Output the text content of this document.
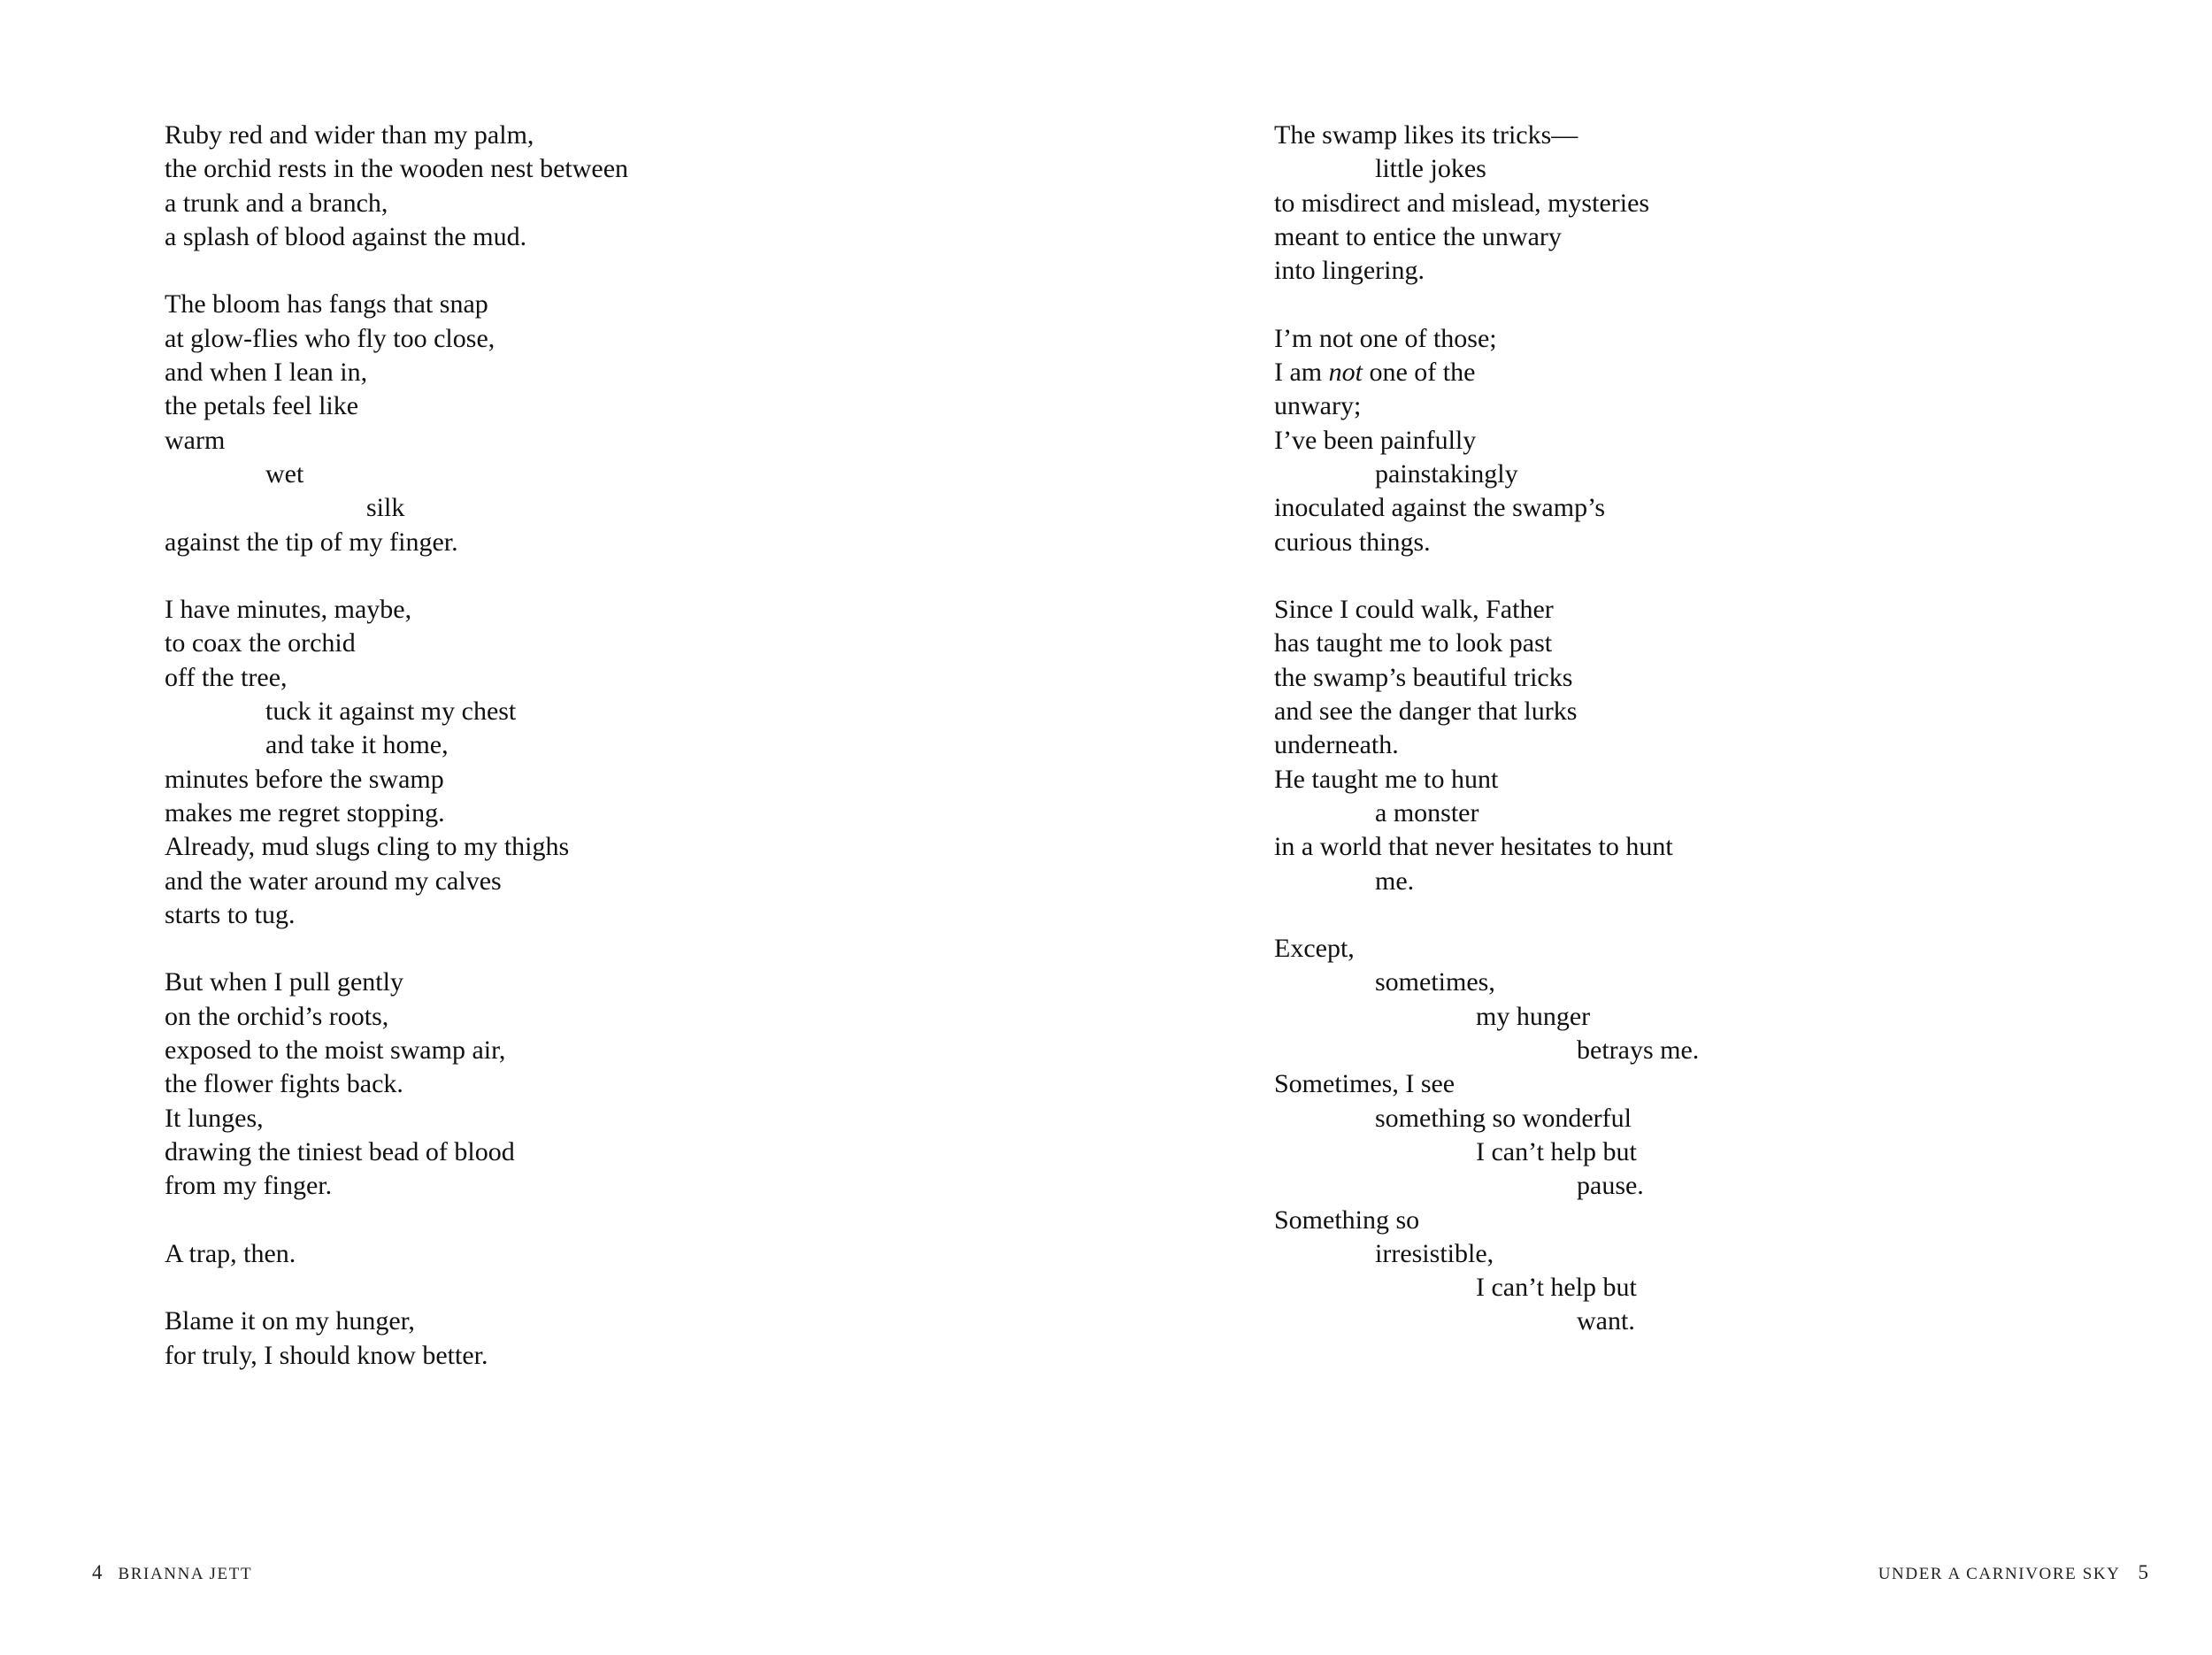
Ruby red and wider than my palm,
the orchid rests in the wooden nest between
a trunk and a branch,
a splash of blood against the mud.
The bloom has fangs that snap
at glow-flies who fly too close,
and when I lean in,
the petals feel like
warm
wet
silk
against the tip of my finger.
I have minutes, maybe,
to coax the orchid
off the tree,
tuck it against my chest
and take it home,
minutes before the swamp
makes me regret stopping.
Already, mud slugs cling to my thighs
and the water around my calves
starts to tug.
But when I pull gently
on the orchid’s roots,
exposed to the moist swamp air,
the flower fights back.
It lunges,
drawing the tiniest bead of blood
from my finger.
A trap, then.
Blame it on my hunger,
for truly, I should know better.
4 BRIANNA JETT
The swamp likes its tricks—
little jokes
to misdirect and mislead, mysteries
meant to entice the unwary
into lingering.
I’m not one of those;
I am not one of the
unwary;
I’ve been painfully
painstakingly
inoculated against the swamp’s
curious things.
Since I could walk, Father
has taught me to look past
the swamp’s beautiful tricks
and see the danger that lurks
underneath.
He taught me to hunt
a monster
in a world that never hesitates to hunt
me.
Except,
sometimes,
my hunger
betrays me.
Sometimes, I see
something so wonderful
I can’t help but
pause.
Something so
irresistible,
I can’t help but
want.
UNDER A CARNIVORE SKY 5
